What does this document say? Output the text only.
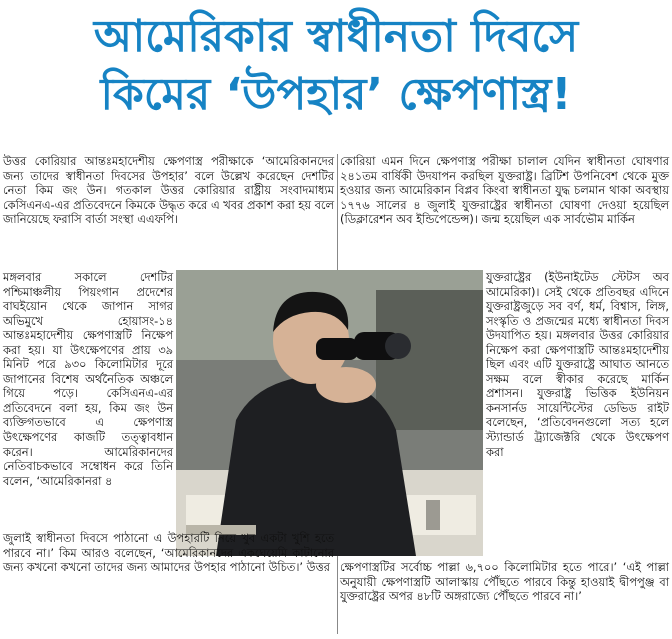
আমেরিকার স্বাধীনতা দিবসে
কিমের ‘উপহার’ ক্ষেপণাস্ত্র!

উত্তর কোরিয়ার আন্তঃমহাদেশীয় ক্ষেপণাস্ত্র পরীক্ষাকে ‘আমেরিকানদের জন্য তাদের স্বাধীনতা দিবসের উপহার’ বলে উল্লেখ করেছেন দেশটির নেতা কিম জং উন। গতকাল উত্তর কোরিয়ার রাষ্ট্রীয় সংবাদমাধ্যম কেসিএনএ-এর প্রতিবেদনে কিমকে উদ্ধৃত করে এ খবর প্রকাশ করা হয় বলে জানিয়েছে ফরাসি বার্তা সংস্থা এএফপি।

কোরিয়া এমন দিনে ক্ষেপণাস্ত্র পরীক্ষা চালাল যেদিন স্বাধীনতা ঘোষণার ২৪১তম বার্ষিকী উদযাপন করছিল যুক্তরাষ্ট্র। ব্রিটিশ উপনিবেশ থেকে মুক্ত হওয়ার জন্য আমেরিকান বিপ্লব কিংবা স্বাধীনতা যুদ্ধ চলমান থাকা অবস্থায় ১৭৭৬ সালের ৪ জুলাই যুক্তরাষ্ট্রের স্বাধীনতা ঘোষণা দেওয়া হয়েছিল (ডিক্লারেশন অব ইন্ডিপেন্ডেন্স)। জন্ম হয়েছিল এক সার্বভৌম মার্কিন

মঙ্গলবার সকালে দেশটির পশ্চিমাঞ্চলীয় পিয়ংগান প্রদেশের বাঘইয়োন থেকে জাপান সাগর অভিমুখে হোয়াসং-১৪ আন্তঃমহাদেশীয় ক্ষেপণাস্ত্রটি নিক্ষেপ করা হয়। যা উৎক্ষেপণের প্রায় ৩৯ মিনিট পরে ৯৩০ কিলোমিটার দূরে জাপানের বিশেষ অর্থনৈতিক অঞ্চলে গিয়ে পড়ে। কেসিএনএ-এর প্রতিবেদনে বলা হয়, কিম জং উন ব্যক্তিগতভাবে এ ক্ষেপণাস্ত্র উৎক্ষেপণের কাজটি তত্ত্বাবধান করেন। আমেরিকানদের নেতিবাচকভাবে সম্বোধন করে তিনি বলেন, ‘আমেরিকানরা ৪

যুক্তরাষ্ট্রের (ইউনাইটেড স্টেটস অব আমেরিকা)। সেই থেকে প্রতিবছর এদিনে যুক্তরাষ্ট্রজুড়ে সব বর্ণ, ধর্ম, বিশ্বাস, লিঙ্গ, সংস্কৃতি ও প্রজন্মের মধ্যে স্বাধীনতা দিবস উদযাপিত হয়। মঙ্গলবার উত্তর কোরিয়ার নিক্ষেপ করা ক্ষেপণাস্ত্রটি আন্তঃমহাদেশীয় ছিল এবং এটি যুক্তরাষ্ট্রে আঘাত আনতে সক্ষম বলে স্বীকার করেছে মার্কিন প্রশাসন। যুক্তরাষ্ট্র ভিত্তিক ইউনিয়ন কনসার্নড সায়েন্টিস্টের ডেভিড রাইট বলেছেন, ‘প্রতিবেদনগুলো সত্য হলে স্ট্যান্ডার্ড ট্র্যাজেক্টরি থেকে উৎক্ষেপণ করা

জুলাই স্বাধীনতা দিবসে পাঠানো এ উপহারটি নিয়ে খুব একটা খুশি হতে পারবে না।’ কিম আরও বলেছেন, ‘আমেরিকানদের একঘেয়েমি কাটানোর জন্য কখনো কখনো তাদের জন্য আমাদের উপহার পাঠানো উচিত।’ উত্তর ক্ষেপণাস্ত্রটির সর্বোচ্চ পাল্লা ৬,৭০০ কিলোমিটার হতে পারে।’ ‘এই পাল্লা অনুযায়ী ক্ষেপণাস্ত্রটি আলাস্কায় পৌঁছতে পারবে কিন্তু হাওয়াই দ্বীপপুঞ্জ বা যুক্তরাষ্ট্রের অপর ৪৮টি অঙ্গরাজ্যে পৌঁছতে পারবে না।’
